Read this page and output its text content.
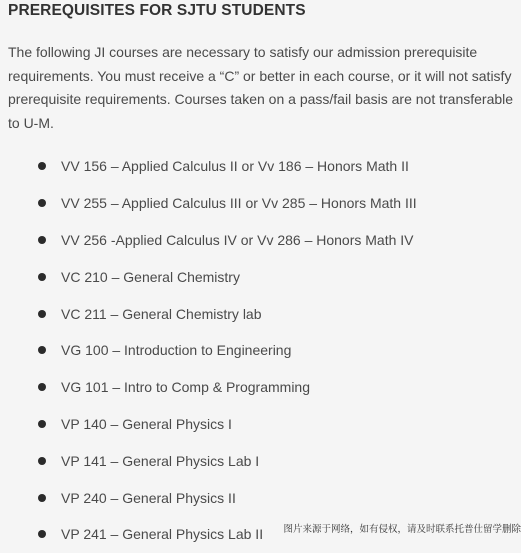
PREREQUISITES FOR SJTU STUDENTS

The following JI courses are necessary to satisfy our admission prerequisite requirements. You must receive a “C” or better in each course, or it will not satisfy prerequisite requirements. Courses taken on a pass/fail basis are not transferable to U-M.

VV 156 – Applied Calculus II or Vv 186 – Honors Math II
VV 255 – Applied Calculus III or Vv 285 – Honors Math III
VV 256 -Applied Calculus IV or Vv 286 – Honors Math IV
VC 210 – General Chemistry
VC 211 – General Chemistry lab
VG 100 – Introduction to Engineering
VG 101 – Intro to Comp & Programming
VP 140 – General Physics I
VP 141 – General Physics Lab I
VP 240 – General Physics II
VP 241 – General Physics Lab II 图片来源于网络，如有侵权，请及时联系托普仕留学删除
